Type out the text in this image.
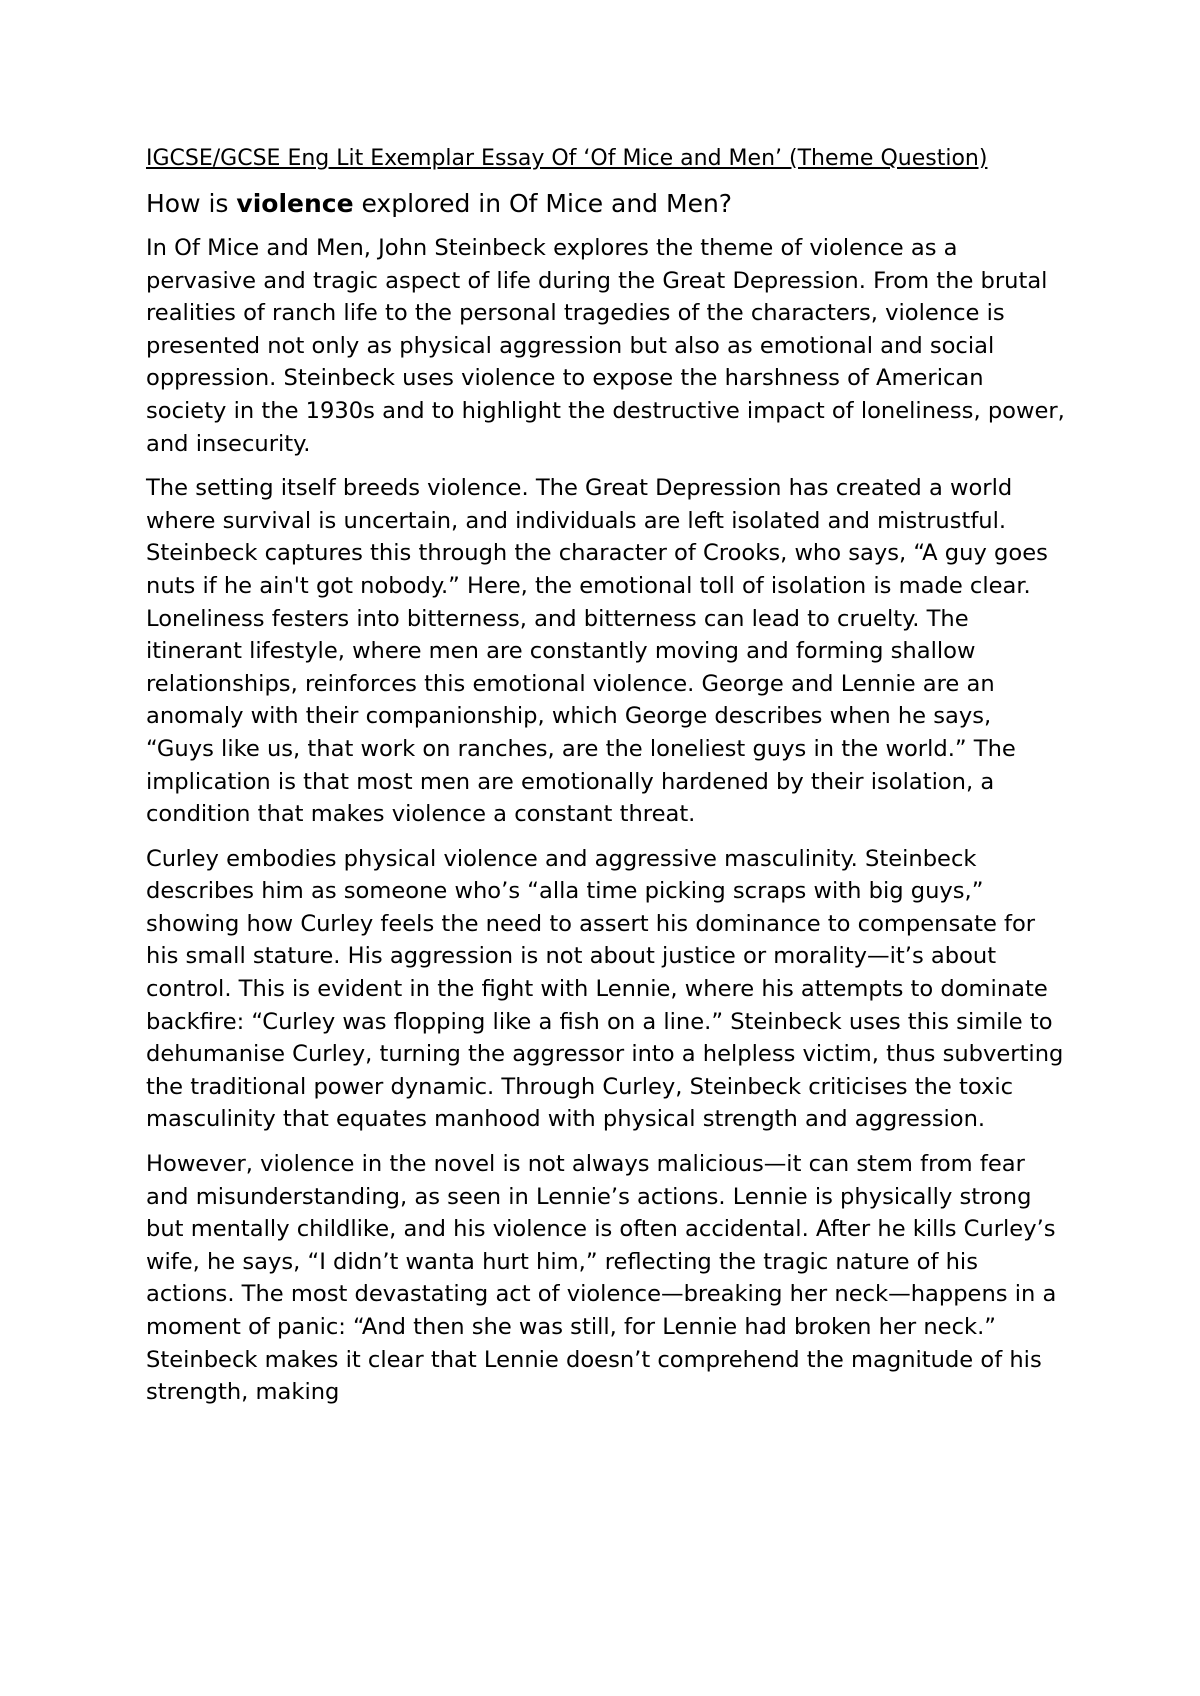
IGCSE/GCSE Eng Lit Exemplar Essay Of ‘Of Mice and Men’ (Theme Question)

How is violence explored in Of Mice and Men?

In Of Mice and Men, John Steinbeck explores the theme of violence as a pervasive and tragic aspect of life during the Great Depression. From the brutal realities of ranch life to the personal tragedies of the characters, violence is presented not only as physical aggression but also as emotional and social oppression. Steinbeck uses violence to expose the harshness of American society in the 1930s and to highlight the destructive impact of loneliness, power, and insecurity.

The setting itself breeds violence. The Great Depression has created a world where survival is uncertain, and individuals are left isolated and mistrustful. Steinbeck captures this through the character of Crooks, who says, “A guy goes nuts if he ain't got nobody.” Here, the emotional toll of isolation is made clear. Loneliness festers into bitterness, and bitterness can lead to cruelty. The itinerant lifestyle, where men are constantly moving and forming shallow relationships, reinforces this emotional violence. George and Lennie are an anomaly with their companionship, which George describes when he says, “Guys like us, that work on ranches, are the loneliest guys in the world.” The implication is that most men are emotionally hardened by their isolation, a condition that makes violence a constant threat.

Curley embodies physical violence and aggressive masculinity. Steinbeck describes him as someone who’s “alla time picking scraps with big guys,” showing how Curley feels the need to assert his dominance to compensate for his small stature. His aggression is not about justice or morality—it’s about control. This is evident in the fight with Lennie, where his attempts to dominate backfire: “Curley was flopping like a fish on a line.” Steinbeck uses this simile to dehumanise Curley, turning the aggressor into a helpless victim, thus subverting the traditional power dynamic. Through Curley, Steinbeck criticises the toxic masculinity that equates manhood with physical strength and aggression.

However, violence in the novel is not always malicious—it can stem from fear and misunderstanding, as seen in Lennie’s actions. Lennie is physically strong but mentally childlike, and his violence is often accidental. After he kills Curley’s wife, he says, “I didn’t wanta hurt him,” reflecting the tragic nature of his actions. The most devastating act of violence—breaking her neck—happens in a moment of panic: “And then she was still, for Lennie had broken her neck.” Steinbeck makes it clear that Lennie doesn’t comprehend the magnitude of his strength, making
